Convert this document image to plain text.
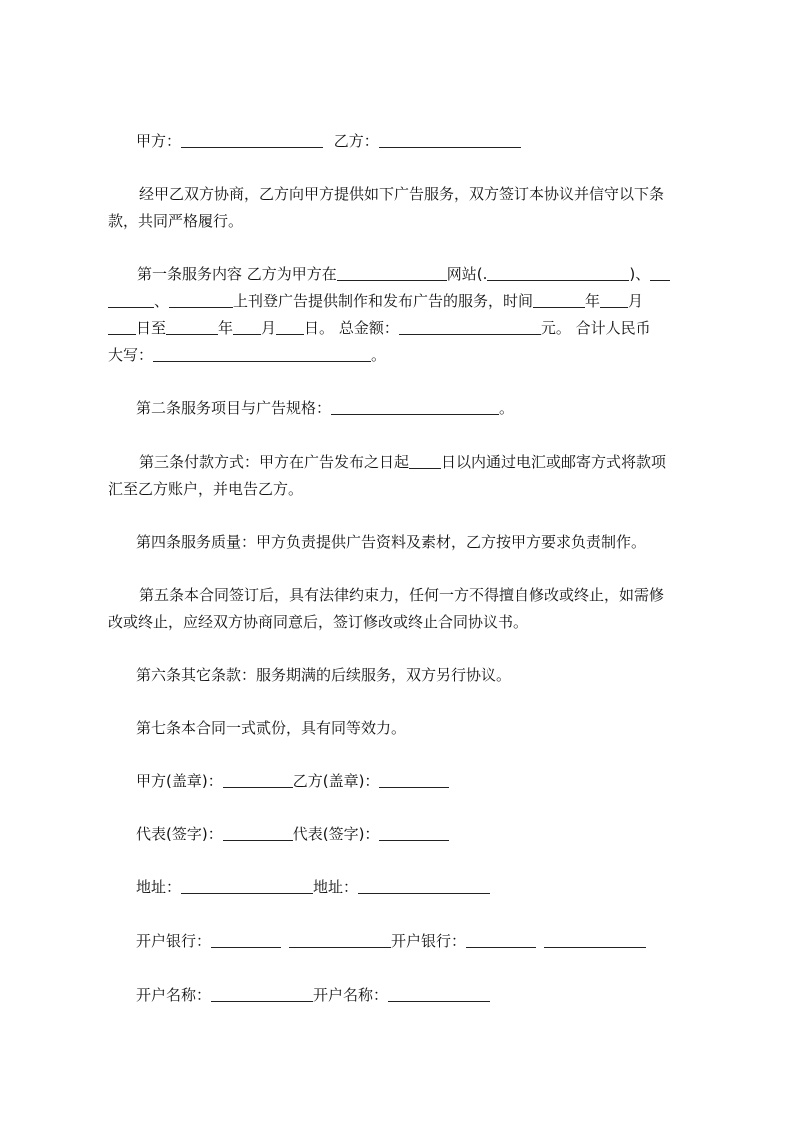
甲方：	乙方：

经甲乙双方协商，乙方向甲方提供如下广告服务，双方签订本协议并信守以下条

款，共同严格履行。

第一条服务内容 乙方为甲方在	网站(.	)、

、	上刊登广告提供制作和发布广告的服务，时间	年 月

日至	年 月 日。 总金额：	元。 合计人民币

大写：	。

第二条服务项目与广告规格：	。

第三条付款方式：甲方在广告发布之日起 日以内通过电汇或邮寄方式将款项

汇至乙方账户，并电告乙方。

第四条服务质量：甲方负责提供广告资料及素材，乙方按甲方要求负责制作。

第五条本合同签订后，具有法律约束力，任何一方不得擅自修改或终止，如需修

改或终止，应经双方协商同意后，签订修改或终止合同协议书。

第六条其它条款：服务期满的后续服务，双方另行协议。

第七条本合同一式贰份，具有同等效力。

甲方(盖章)：	乙方(盖章)：

代表(签字)：	代表(签字)：

地址：	地址：

开户银行：	开户银行：

开户名称：	开户名称：
